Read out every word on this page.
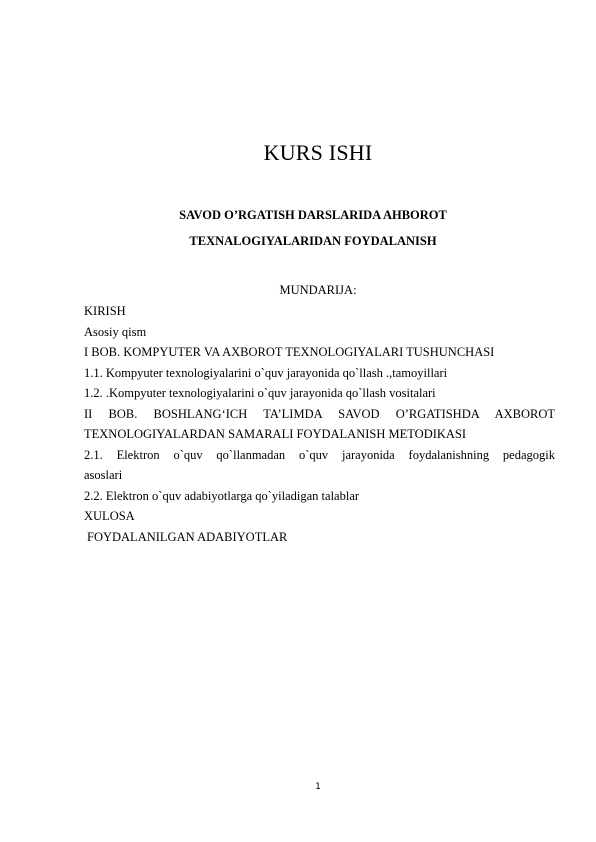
KURS ISHI
SAVOD O’RGATISH DARSLARIDA AHBOROT
TEXNALOGIYALARIDAN FOYDALANISH
MUNDARIJA:
KIRISH
Asosiy qism
I BOB. KOMPYUTER VA AXBOROT TEXNOLOGIYALARI TUSHUNCHASI
1.1. Kompyuter texnologiyalarini o`quv jarayonida qo`llash .,tamoyillari
1.2. .Kompyuter texnologiyalarini o`quv jarayonida qo`llash vositalari
II BOB. BOSHLANG‘ICH TA’LIMDA SAVOD O’RGATISHDA AXBOROT
TEXNOLOGIYALARDAN SAMARALI FOYDALANISH METODIKASI
2.1. Elektron o`quv qo`llanmadan o`quv jarayonida foydalanishning pedagogik
asoslari
2.2. Elektron o`quv adabiyotlarga qo`yiladigan talablar
XULOSA
FOYDALANILGAN ADABIYOTLAR
1
